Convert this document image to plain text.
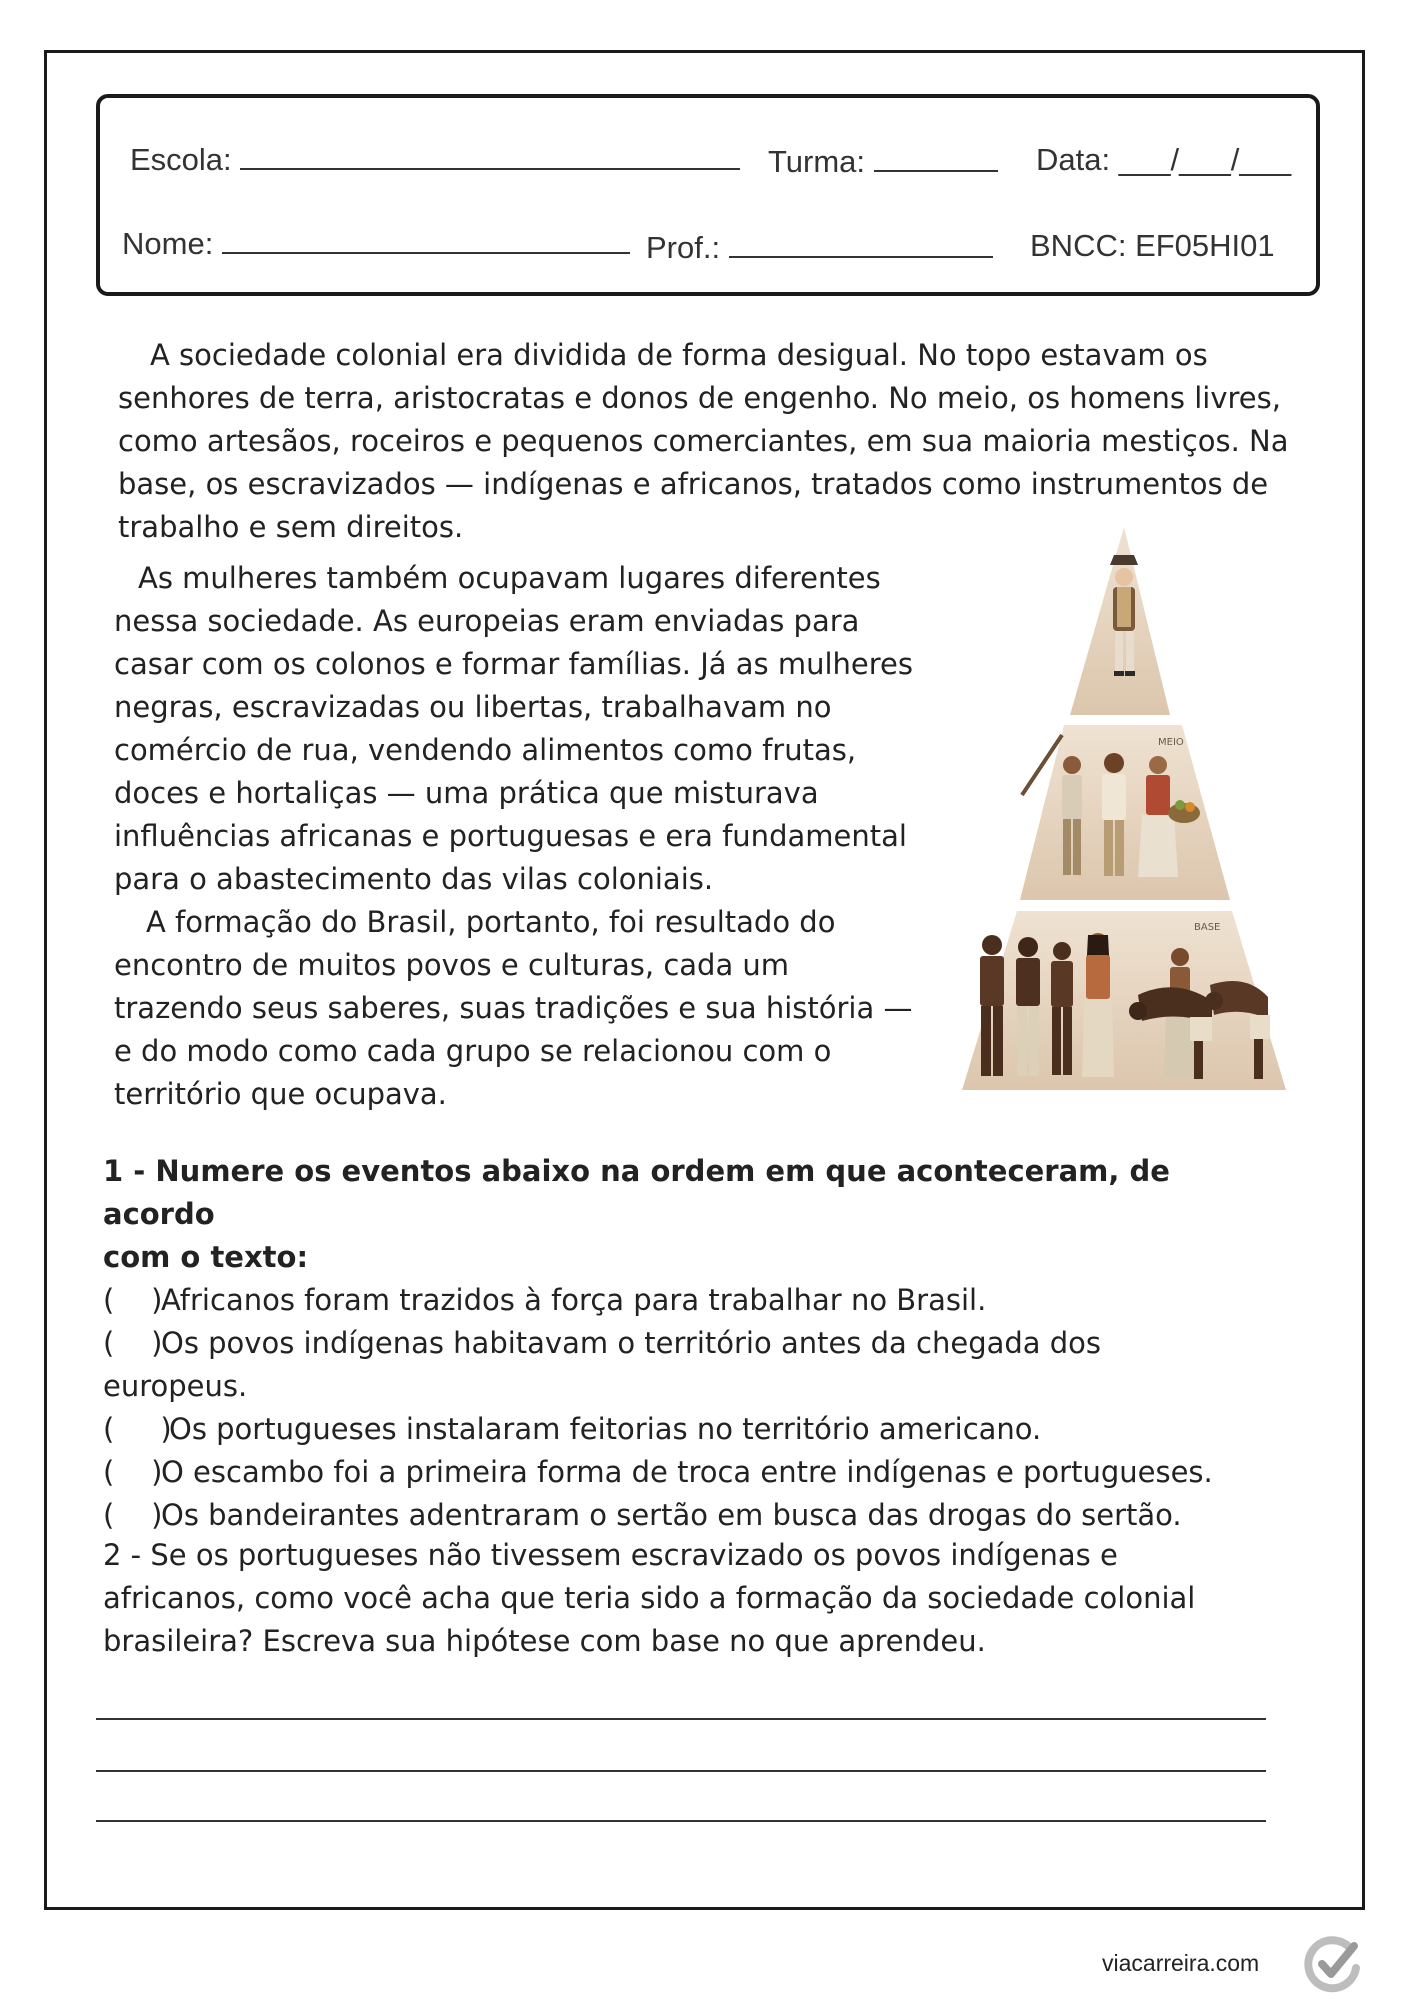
Escola:	Turma:	Data: ___/___/___
Nome:	Prof.:	BNCC: EF05HI01

A sociedade colonial era dividida de forma desigual. No topo estavam os

senhores de terra, aristocratas e donos de engenho. No meio, os homens livres,

como artesãos, roceiros e pequenos comerciantes, em sua maioria mestiços. Na

base, os escravizados — indígenas e africanos, tratados como instrumentos de

trabalho e sem direitos.

As mulheres também ocupavam lugares diferentes

nessa sociedade. As europeias eram enviadas para

casar com os colonos e formar famílias. Já as mulheres

negras, escravizadas ou libertas, trabalhavam no

comércio de rua, vendendo alimentos como frutas,

doces e hortaliças — uma prática que misturava

influências africanas e portuguesas e era fundamental

para o abastecimento das vilas coloniais.

A formação do Brasil, portanto, foi resultado do

encontro de muitos povos e culturas, cada um

trazendo seus saberes, suas tradições e sua história —

e do modo como cada grupo se relacionou com o

território que ocupava.

MEIO
BASE
1 - Numere os eventos abaixo na ordem em que aconteceram, de acordo
com o texto:
(    )
Africanos foram trazidos à força para trabalhar no Brasil.
(    )
Os povos indígenas habitavam o território antes da chegada dos
europeus.
(     )
Os portugueses instalaram feitorias no território americano.
(    )
O escambo foi a primeira forma de troca entre indígenas e portugueses.
(    )
Os bandeirantes adentraram o sertão em busca das drogas do sertão.
2 - Se os portugueses não tivessem escravizado os povos indígenas e
africanos, como você acha que teria sido a formação da sociedade colonial
brasileira? Escreva sua hipótese com base no que aprendeu.
viacarreira.com
